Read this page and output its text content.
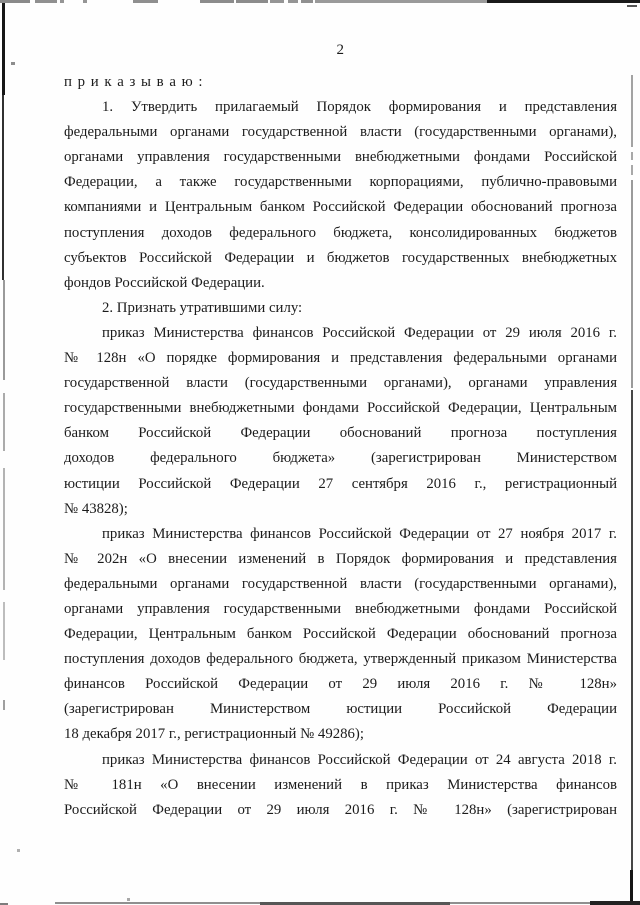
2
п р и к а з ы в а ю :
1. Утвердить прилагаемый Порядок формирования и представления
федеральными органами государственной власти (государственными органами),
органами управления государственными внебюджетными фондами Российской
Федерации, а также государственными корпорациями, публично-правовыми
компаниями и Центральным банком Российской Федерации обоснований прогноза
поступления доходов федерального бюджета, консолидированных бюджетов
субъектов Российской Федерации и бюджетов государственных внебюджетных
фондов Российской Федерации.
2. Признать утратившими силу:
приказ Министерства финансов Российской Федерации от 29 июля 2016 г.
№ 128н «О порядке формирования и представления федеральными органами
государственной власти (государственными органами), органами управления
государственными внебюджетными фондами Российской Федерации, Центральным
банком Российской Федерации обоснований прогноза поступления
доходов федерального бюджета» (зарегистрирован Министерством
юстиции Российской Федерации 27 сентября 2016 г., регистрационный
№ 43828);
приказ Министерства финансов Российской Федерации от 27 ноября 2017 г.
№ 202н «О внесении изменений в Порядок формирования и представления
федеральными органами государственной власти (государственными органами),
органами управления государственными внебюджетными фондами Российской
Федерации, Центральным банком Российской Федерации обоснований прогноза
поступления доходов федерального бюджета, утвержденный приказом Министерства
финансов Российской Федерации от 29 июля 2016 г. № 128н»
(зарегистрирован Министерством юстиции Российской Федерации
18 декабря 2017 г., регистрационный № 49286);
приказ Министерства финансов Российской Федерации от 24 августа 2018 г.
№ 181н «О внесении изменений в приказ Министерства финансов
Российской Федерации от 29 июля 2016 г. № 128н» (зарегистрирован
